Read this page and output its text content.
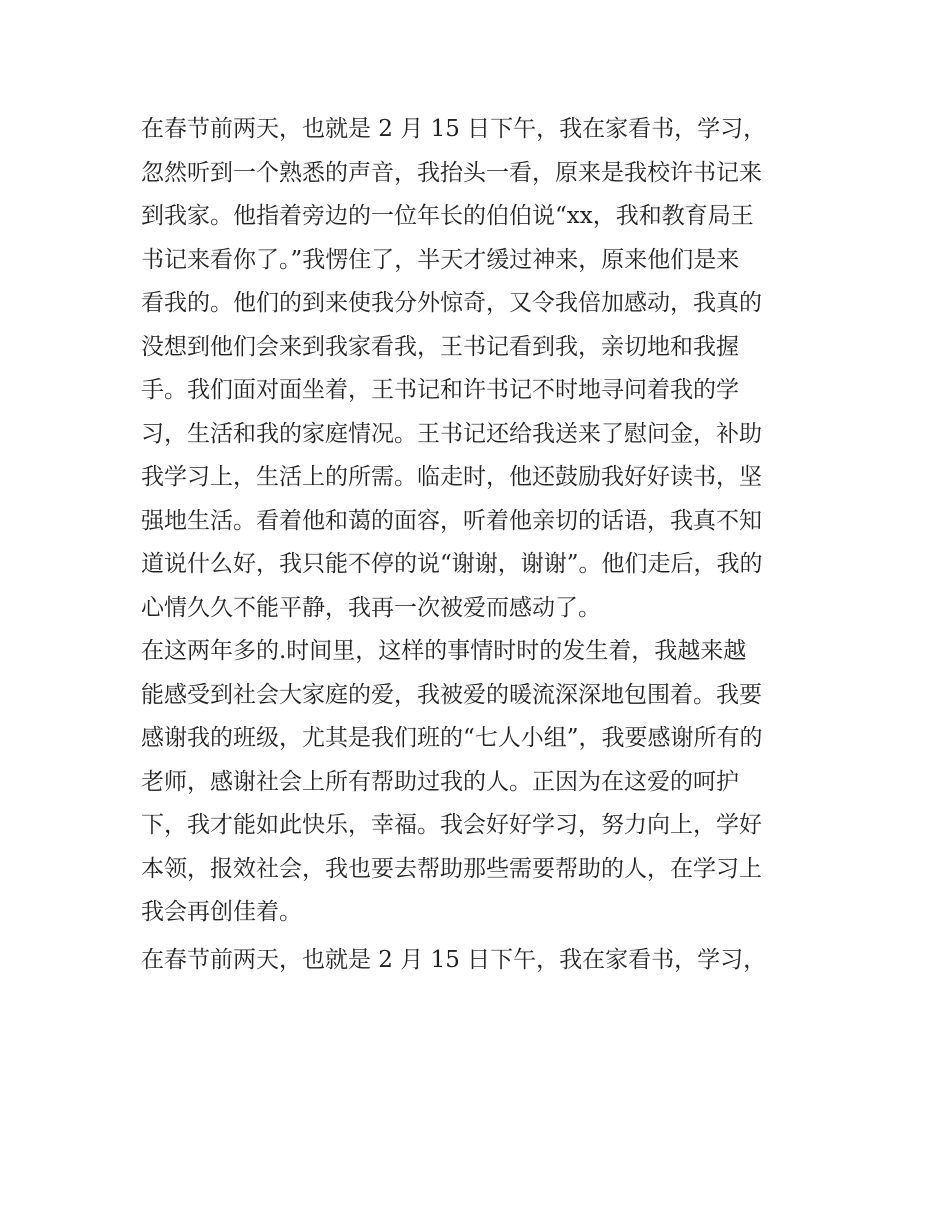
在春节前两天，也就是 2 月 15 日下午，我在家看书，学习，
忽然听到一个熟悉的声音，我抬头一看，原来是我校许书记来
到我家。他指着旁边的一位年长的伯伯说“xx，我和教育局王
书记来看你了。”我愣住了，半天才缓过神来，原来他们是来
看我的。他们的到来使我分外惊奇，又令我倍加感动，我真的
没想到他们会来到我家看我，王书记看到我，亲切地和我握
手。我们面对面坐着，王书记和许书记不时地寻问着我的学
习，生活和我的家庭情况。王书记还给我送来了慰问金，补助
我学习上，生活上的所需。临走时，他还鼓励我好好读书，坚
强地生活。看着他和蔼的面容，听着他亲切的话语，我真不知
道说什么好，我只能不停的说“谢谢，谢谢”。他们走后，我的
心情久久不能平静，我再一次被爱而感动了。
在这两年多的.时间里，这样的事情时时的发生着，我越来越
能感受到社会大家庭的爱，我被爱的暖流深深地包围着。我要
感谢我的班级，尤其是我们班的“七人小组”，我要感谢所有的
老师，感谢社会上所有帮助过我的人。正因为在这爱的呵护
下，我才能如此快乐，幸福。我会好好学习，努力向上，学好
本领，报效社会，我也要去帮助那些需要帮助的人，在学习上
我会再创佳着。
在春节前两天，也就是 2 月 15 日下午，我在家看书，学习，
